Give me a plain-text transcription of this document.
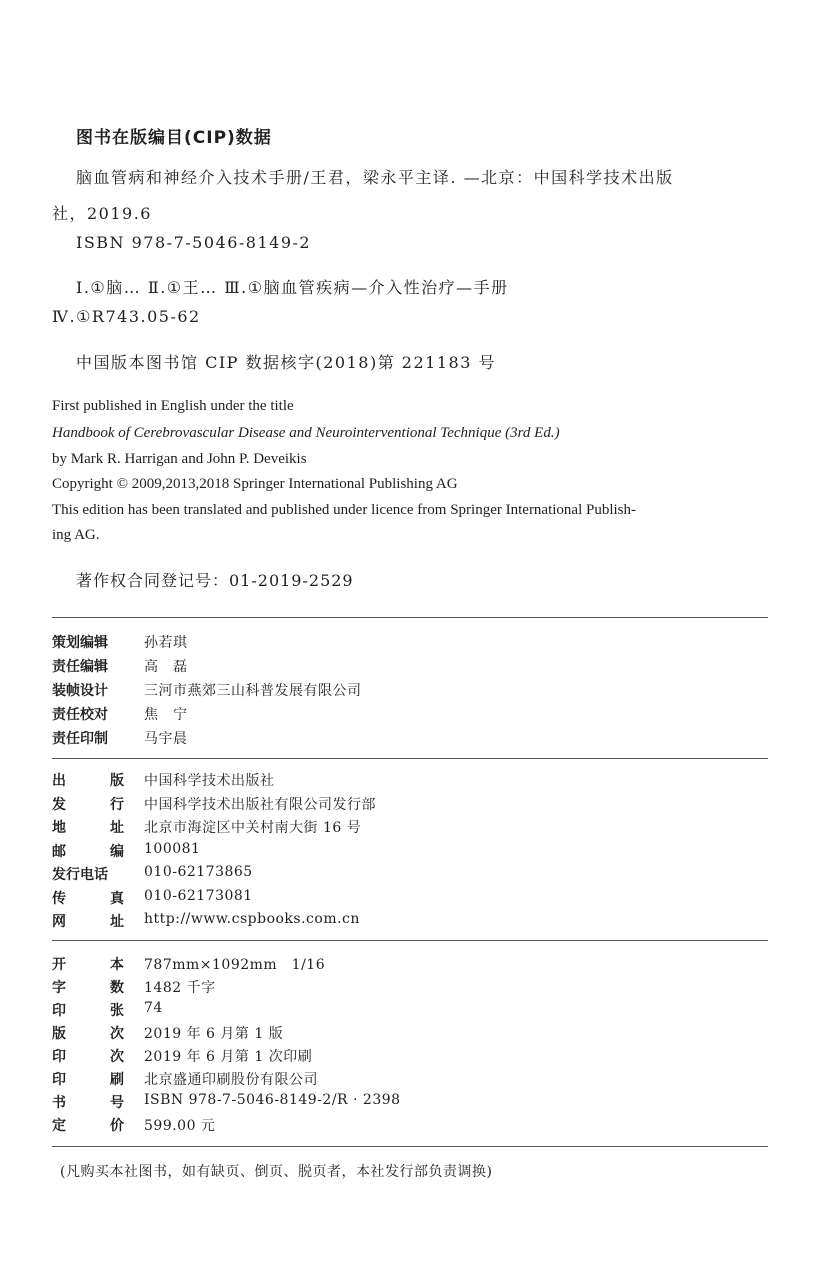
图书在版编目(CIP)数据
脑血管病和神经介入技术手册/王君，梁永平主译. —北京：中国科学技术出版
社，2019.6
ISBN 978-7-5046-8149-2
Ⅰ.①脑… Ⅱ.①王… Ⅲ.①脑血管疾病—介入性治疗—手册
Ⅳ.①R743.05-62
中国版本图书馆 CIP 数据核字(2018)第 221183 号
First published in English under the title
Handbook of Cerebrovascular Disease and Neurointerventional Technique (3rd Ed.)
by Mark R. Harrigan and John P. Deveikis
Copyright © 2009,2013,2018 Springer International Publishing AG
This edition has been translated and published under licence from Springer International Publish-
ing AG.
著作权合同登记号：01-2019-2529
策划编辑	孙若琪
责任编辑	高　磊
装帧设计	三河市燕郊三山科普发展有限公司
责任校对	焦　宁
责任印制	马宇晨
出	版 中国科学技术出版社
发	行 中国科学技术出版社有限公司发行部
地	址 北京市海淀区中关村南大街 16 号
邮	编 100081
发行电话	010-62173865
传	真 010-62173081
网	址 http://www.cspbooks.com.cn
开	本 787mm×1092mm　1/16
字	数 1482 千字
印	张 74
版	次 2019 年 6 月第 1 版
印	次 2019 年 6 月第 1 次印刷
印	刷 北京盛通印刷股份有限公司
书	号 ISBN 978-7-5046-8149-2/R · 2398
定	价 599.00 元
(凡购买本社图书，如有缺页、倒页、脱页者，本社发行部负责调换)
